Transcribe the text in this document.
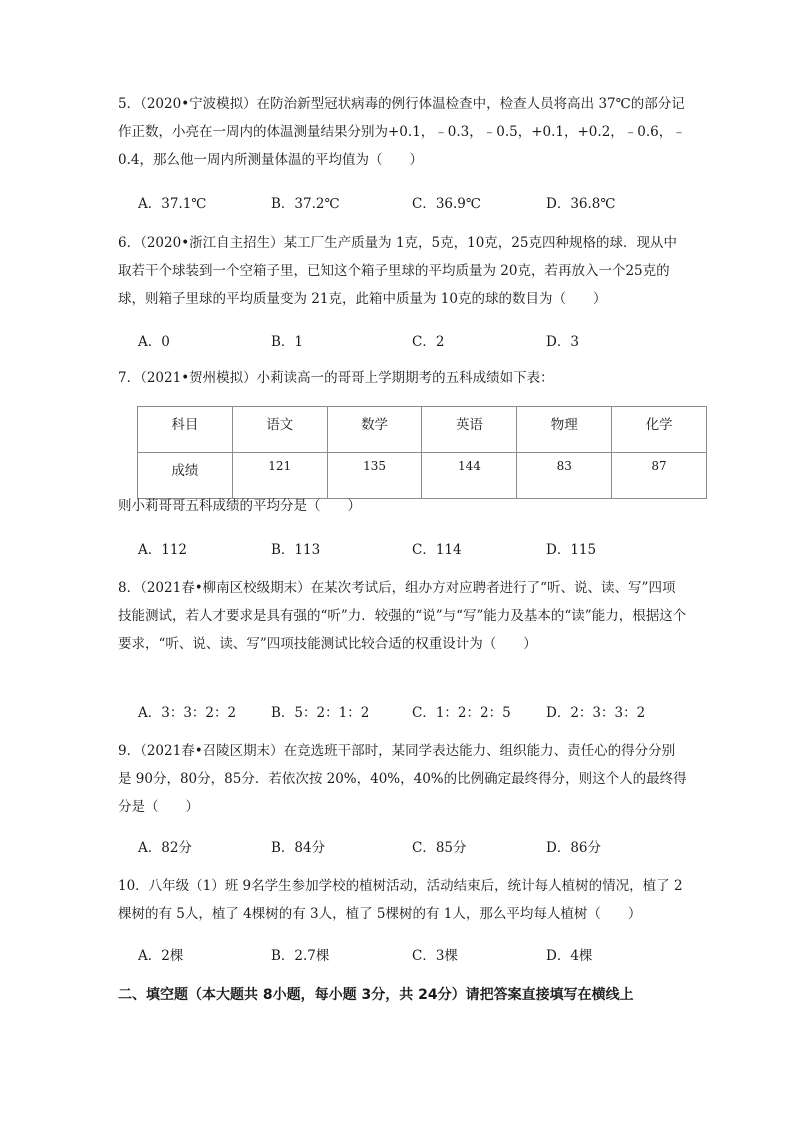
5．（2020•宁波模拟）在防治新型冠状病毒的例行体温检查中，检查人员将高出 37℃的部分记作正数，小亮在一周内的体温测量结果分别为+0.1，﹣0.3，﹣0.5，+0.1，+0.2，﹣0.6，﹣0.4，那么他一周内所测量体温的平均值为（　　）

A．37.1℃	B．37.2℃	C．36.9℃	D．36.8℃

6．（2020•浙江自主招生）某工厂生产质量为 1克，5克，10克，25克四种规格的球．现从中取若干个球装到一个空箱子里，已知这个箱子里球的平均质量为 20克，若再放入一个25克的球，则箱子里球的平均质量变为 21克，此箱中质量为 10克的球的数目为（　　）

A．0	B．1	C．2	D．3

7．（2021•贺州模拟）小莉读高一的哥哥上学期期考的五科成绩如下表：

科目	语文	数学	英语	物理	化学
成绩	121	135	144	83	87

则小莉哥哥五科成绩的平均分是（　　）

A．112	B．113	C．114	D．115

8．（2021春•柳南区校级期末）在某次考试后，组办方对应聘者进行了“听、说、读、写”四项技能测试，若人才要求是具有强的“听”力．较强的“说”与“写”能力及基本的“读”能力，根据这个要求，“听、说、读、写”四项技能测试比较合适的权重设计为（　　）

A．3：3：2：2	B．5：2：1：2	C．1：2：2：5	D．2：3：3：2

9．（2021春•召陵区期末）在竞选班干部时，某同学表达能力、组织能力、责任心的得分分别是 90分，80分，85分．若依次按 20%，40%，40%的比例确定最终得分，则这个人的最终得分是（　　）

A．82分	B．84分	C．85分	D．86分

10．八年级（1）班 9名学生参加学校的植树活动，活动结束后，统计每人植树的情况，植了 2棵树的有 5人，植了 4棵树的有 3人，植了 5棵树的有 1人，那么平均每人植树（　　）

A．2棵	B．2.7棵	C．3棵	D．4棵
二、填空题（本大题共 8小题，每小题 3分，共 24分）请把答案直接填写在横线上
